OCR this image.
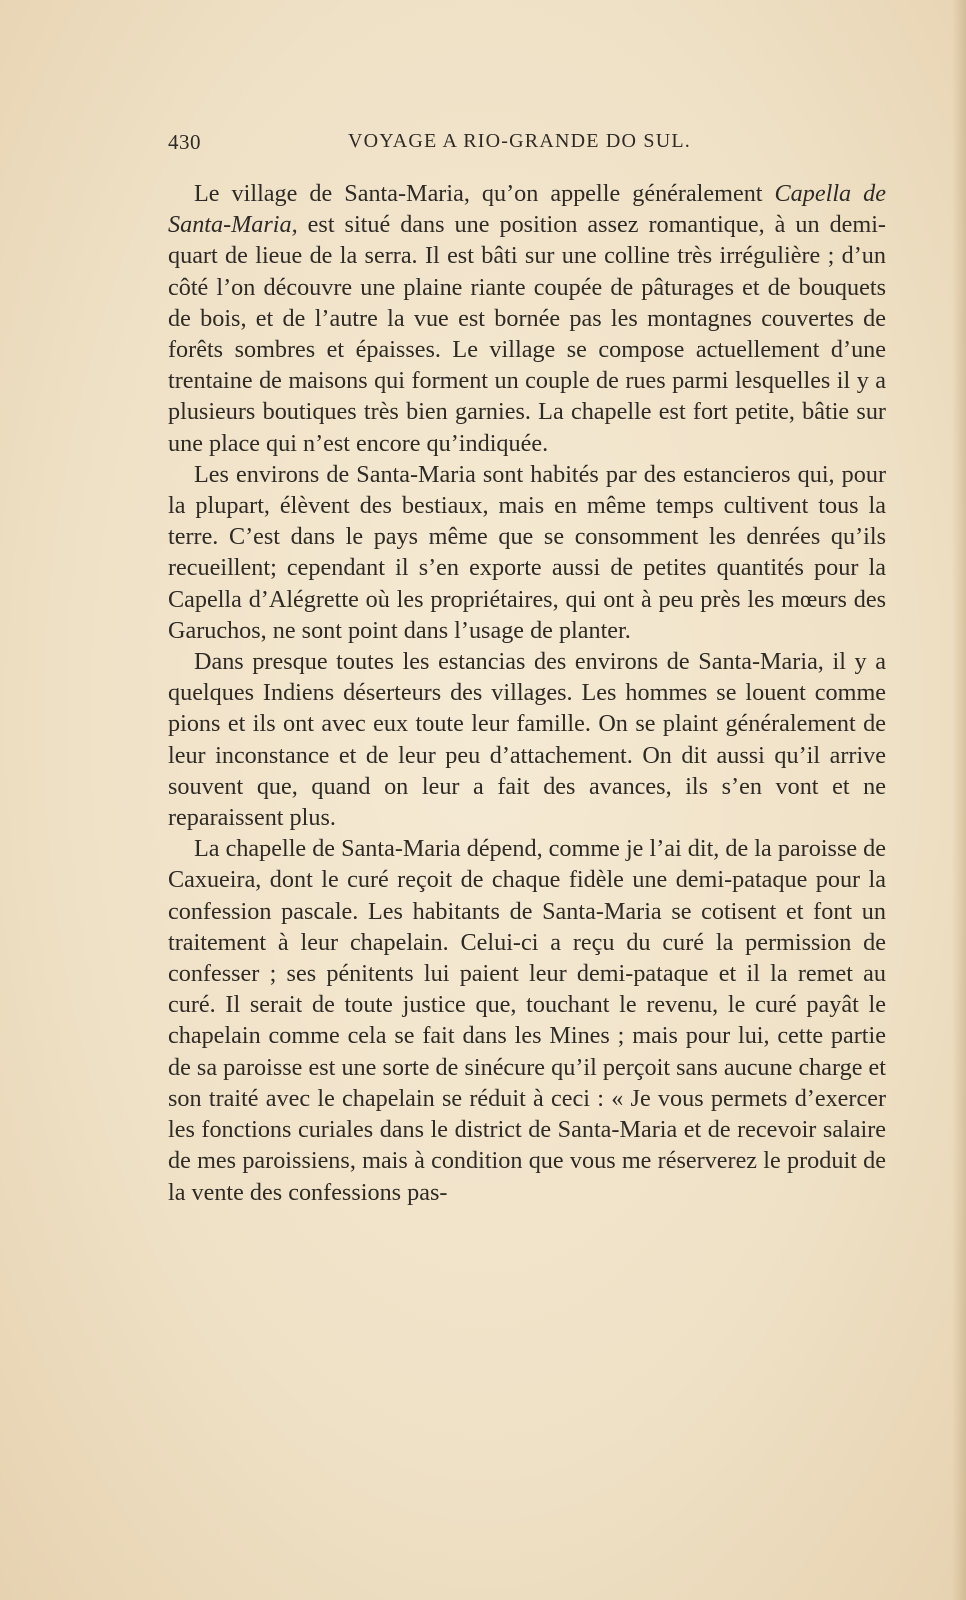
430	VOYAGE A RIO-GRANDE DO SUL.

Le village de Santa-Maria, qu’on appelle généralement Capella de Santa-Maria, est situé dans une position assez romantique, à un demi-quart de lieue de la serra. Il est bâti sur une colline très irrégulière ; d’un côté l’on découvre une plaine riante coupée de pâturages et de bouquets de bois, et de l’autre la vue est bornée pas les montagnes couvertes de forêts sombres et épaisses. Le village se compose actuellement d’une trentaine de maisons qui forment un couple de rues parmi lesquelles il y a plusieurs boutiques très bien garnies. La chapelle est fort petite, bâtie sur une place qui n’est encore qu’indiquée.

Les environs de Santa-Maria sont habités par des estancieros qui, pour la plupart, élèvent des bestiaux, mais en même temps cultivent tous la terre. C’est dans le pays même que se consomment les denrées qu’ils recueillent; cependant il s’en exporte aussi de petites quantités pour la Capella d’Alégrette où les propriétaires, qui ont à peu près les mœurs des Garuchos, ne sont point dans l’usage de planter.

Dans presque toutes les estancias des environs de Santa-Maria, il y a quelques Indiens déserteurs des villages. Les hommes se louent comme pions et ils ont avec eux toute leur famille. On se plaint généralement de leur inconstance et de leur peu d’attachement. On dit aussi qu’il arrive souvent que, quand on leur a fait des avances, ils s’en vont et ne reparaissent plus.

La chapelle de Santa-Maria dépend, comme je l’ai dit, de la paroisse de Caxueira, dont le curé reçoit de chaque fidèle une demi-pataque pour la confession pascale. Les habitants de Santa-Maria se cotisent et font un traitement à leur chapelain. Celui-ci a reçu du curé la permission de confesser ; ses pénitents lui paient leur demi-pataque et il la remet au curé. Il serait de toute justice que, touchant le revenu, le curé payât le chapelain comme cela se fait dans les Mines ; mais pour lui, cette partie de sa paroisse est une sorte de sinécure qu’il perçoit sans aucune charge et son traité avec le chapelain se réduit à ceci : « Je vous permets d’exercer les fonctions curiales dans le district de Santa-Maria et de recevoir salaire de mes paroissiens, mais à condition que vous me réserverez le produit de la vente des confessions pas-
